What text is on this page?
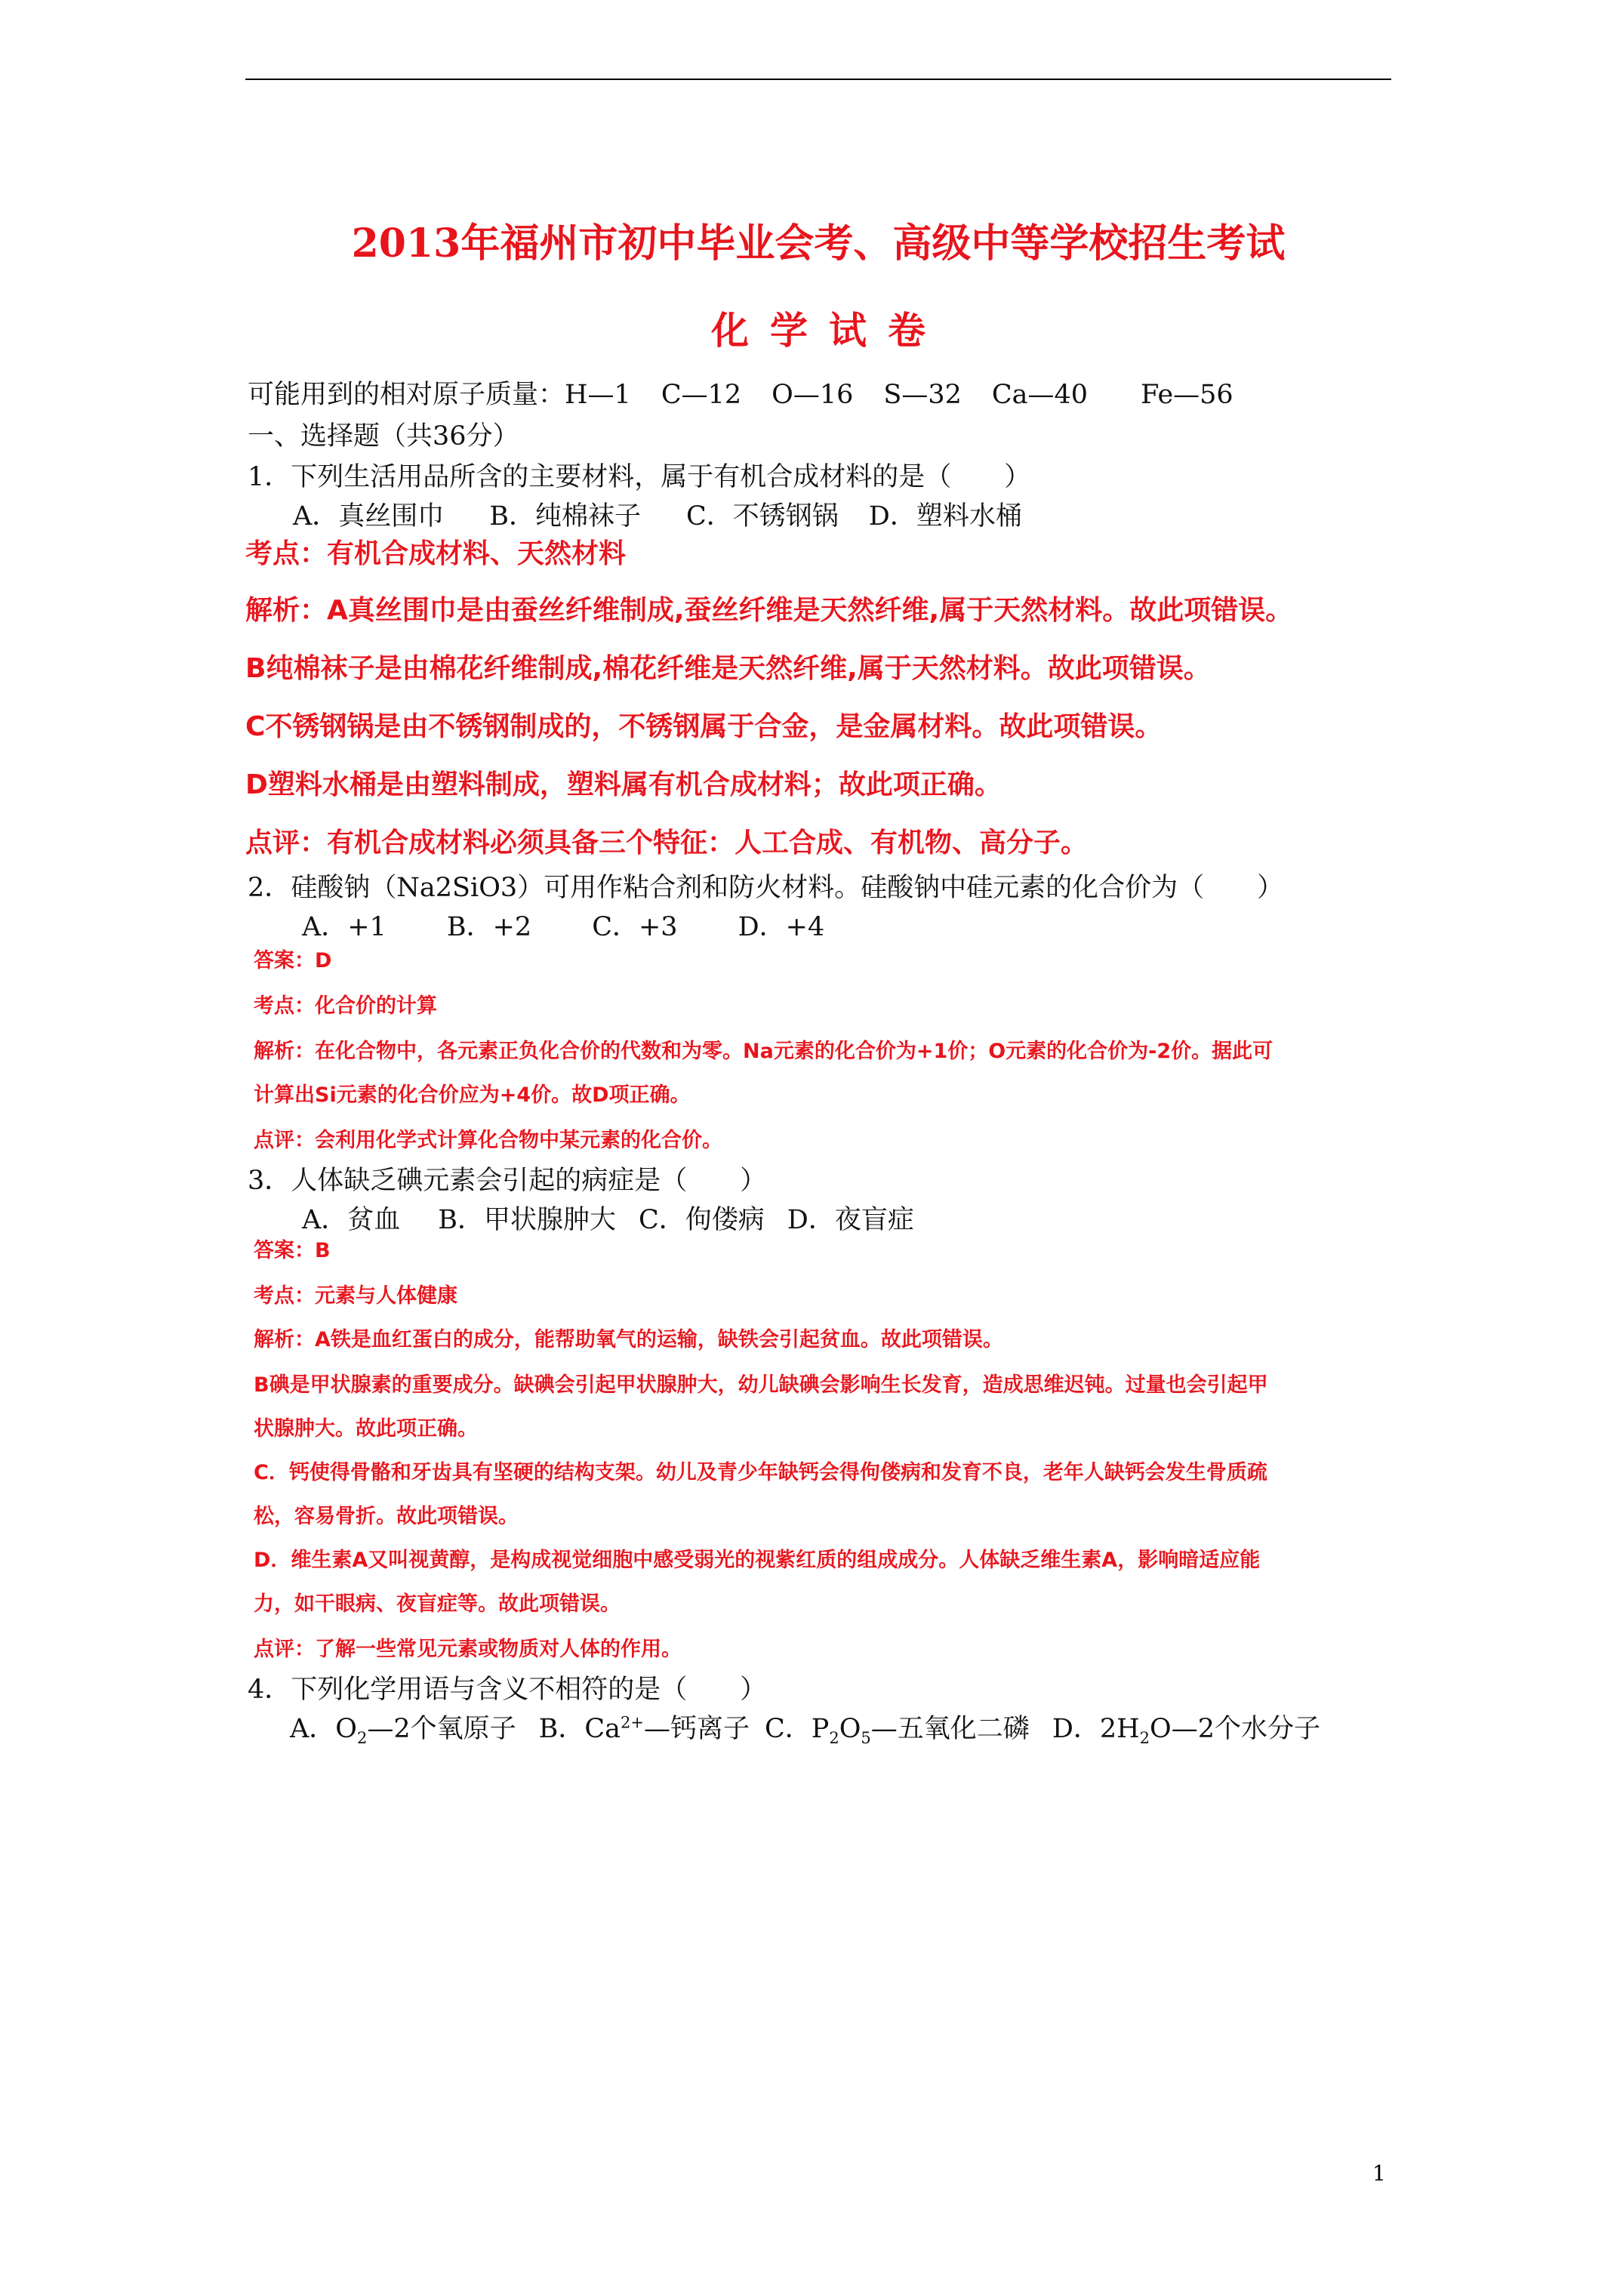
2013年福州市初中毕业会考、高级中等学校招生考试
化学试卷
可能用到的相对原子质量：H—1 C—12 O—16 S—32 Ca—40 Fe—56
一、选择题（共36分）
1．下列生活用品所含的主要材料，属于有机合成材料的是（　　）
A．真丝围巾 B．纯棉袜子 C．不锈钢锅 D．塑料水桶
考点：有机合成材料、天然材料
解析：A真丝围巾是由蚕丝纤维制成,蚕丝纤维是天然纤维,属于天然材料。故此项错误。
B纯棉袜子是由棉花纤维制成,棉花纤维是天然纤维,属于天然材料。故此项错误。
C不锈钢锅是由不锈钢制成的，不锈钢属于合金，是金属材料。故此项错误。
D塑料水桶是由塑料制成，塑料属有机合成材料；故此项正确。
点评：有机合成材料必须具备三个特征：人工合成、有机物、高分子。
2．硅酸钠（Na2SiO3）可用作粘合剂和防火材料。硅酸钠中硅元素的化合价为（　　）
A．+1 B．+2 C．+3 D．+4
答案：D
考点：化合价的计算
解析：在化合物中，各元素正负化合价的代数和为零。Na元素的化合价为+1价；O元素的化合价为-2价。据此可
计算出Si元素的化合价应为+4价。故D项正确。
点评：会利用化学式计算化合物中某元素的化合价。
3．人体缺乏碘元素会引起的病症是（　　）
A．贫血 B．甲状腺肿大 C．佝偻病 D．夜盲症
答案：B
考点：元素与人体健康
解析：A铁是血红蛋白的成分，能帮助氧气的运输，缺铁会引起贫血。故此项错误。
B碘是甲状腺素的重要成分。缺碘会引起甲状腺肿大，幼儿缺碘会影响生长发育，造成思维迟钝。过量也会引起甲
状腺肿大。故此项正确。
C．钙使得骨骼和牙齿具有坚硬的结构支架。幼儿及青少年缺钙会得佝偻病和发育不良，老年人缺钙会发生骨质疏
松，容易骨折。故此项错误。
D．维生素A又叫视黄醇，是构成视觉细胞中感受弱光的视紫红质的组成成分。人体缺乏维生素A，影响暗适应能
力，如干眼病、夜盲症等。故此项错误。
点评：了解一些常见元素或物质对人体的作用。
4．下列化学用语与含义不相符的是（　　）
A．$O_2—2$个氧原子 B．$Ca^{2+}—$钙离子 C．$P_2O_5—$五氧化二磷 D．$2H_2O—2$个水分子
1
